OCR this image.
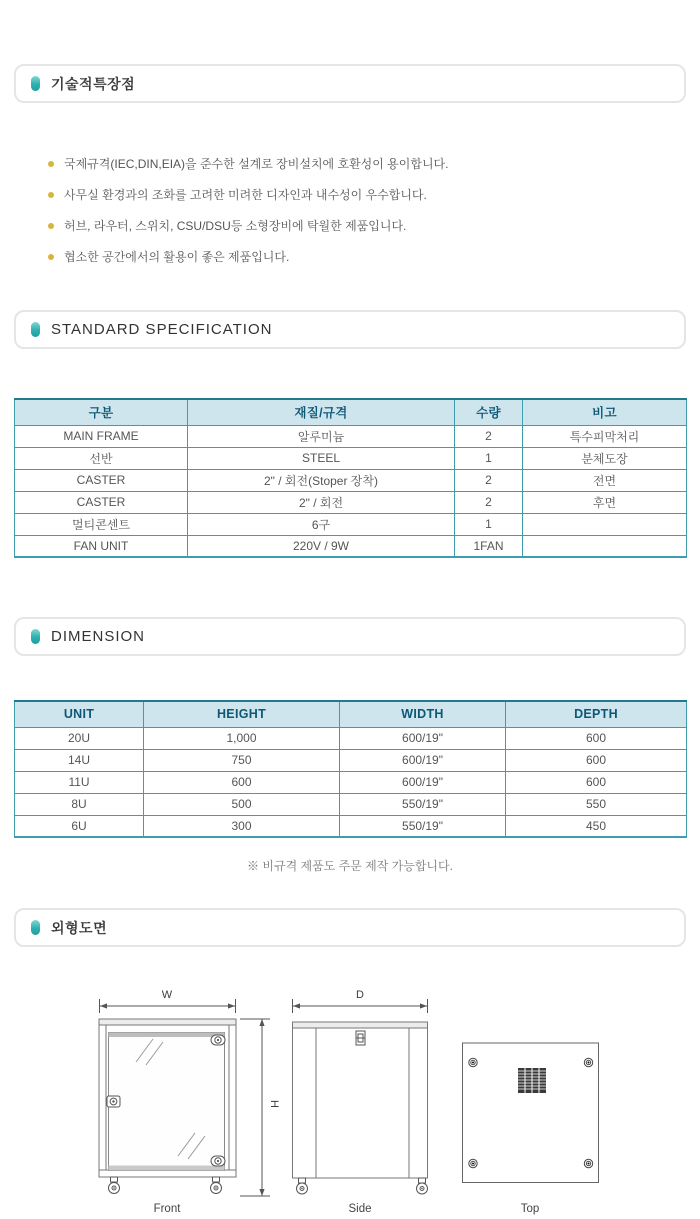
기술적특장점
국제규격(IEC,DIN,EIA)을 준수한 설계로 장비설치에 호환성이 용이합니다.
사무실 환경과의 조화를 고려한 미려한 디자인과 내수성이 우수합니다.
허브, 라우터, 스위치, CSU/DSU등 소형장비에 탁월한 제품입니다.
협소한 공간에서의 활용이 좋은 제품입니다.
STANDARD SPECIFICATION
구분	재질/규격	수량	비고
MAIN FRAME	알루미늄	2	특수피막처리
선반	STEEL	1	분체도장
CASTER	2" / 회전(Stoper 장착)	2	전면
CASTER	2" / 회전	2	후면
멀티콘센트	6구	1	
FAN UNIT	220V / 9W	1FAN	
DIMENSION
UNIT	HEIGHT	WIDTH	DEPTH
20U	1,000	600/19"	600
14U	750	600/19"	600
11U	600	600/19"	600
8U	500	550/19"	550
6U	300	550/19"	450
※ 비규격 제품도 주문 제작 가능합니다.
외형도면
W
H
Front
D
Side	Top
